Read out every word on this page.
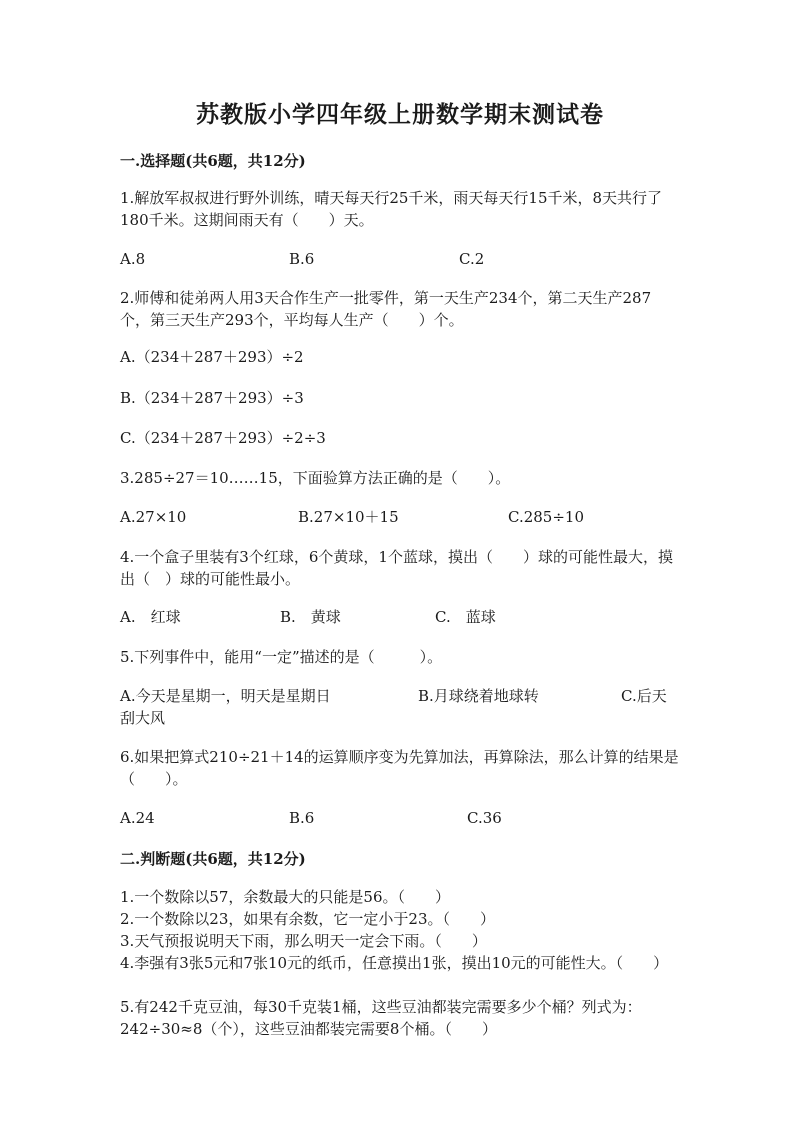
苏教版小学四年级上册数学期末测试卷
一.选择题(共6题，共12分)
1.解放军叔叔进行野外训练，晴天每天行25千米，雨天每天行15千米，8天共行了180千米。这期间雨天有（　　）天。
A.8	B.6	C.2
2.师傅和徒弟两人用3天合作生产一批零件，第一天生产234个，第二天生产287个，第三天生产293个，平均每人生产（　　）个。
A.（234＋287＋293）÷2
B.（234＋287＋293）÷3
C.（234＋287＋293）÷2÷3
3.285÷27＝10……15，下面验算方法正确的是（　　）。
A.27×10	B.27×10＋15	C.285÷10
4.一个盒子里装有3个红球，6个黄球，1个蓝球，摸出（　　）球的可能性最大，摸出（　）球的可能性最小。
A.　红球	B.　黄球	C.　蓝球
5.下列事件中，能用“一定”描述的是（　　　）。
A.今天是星期一，明天是星期日	B.月球绕着地球转	C.后天
刮大风
6.如果把算式210÷21＋14的运算顺序变为先算加法，再算除法，那么计算的结果是（　　）。
A.24	B.6	C.36
二.判断题(共6题，共12分)
1.一个数除以57，余数最大的只能是56。（　　）
2.一个数除以23，如果有余数，它一定小于23。（　　）
3.天气预报说明天下雨，那么明天一定会下雨。（　　）
4.李强有3张5元和7张10元的纸币，任意摸出1张，摸出10元的可能性大。（　　）
5.有242千克豆油，每30千克装1桶，这些豆油都装完需要多少个桶？列式为：242÷30≈8（个），这些豆油都装完需要8个桶。（　　）
